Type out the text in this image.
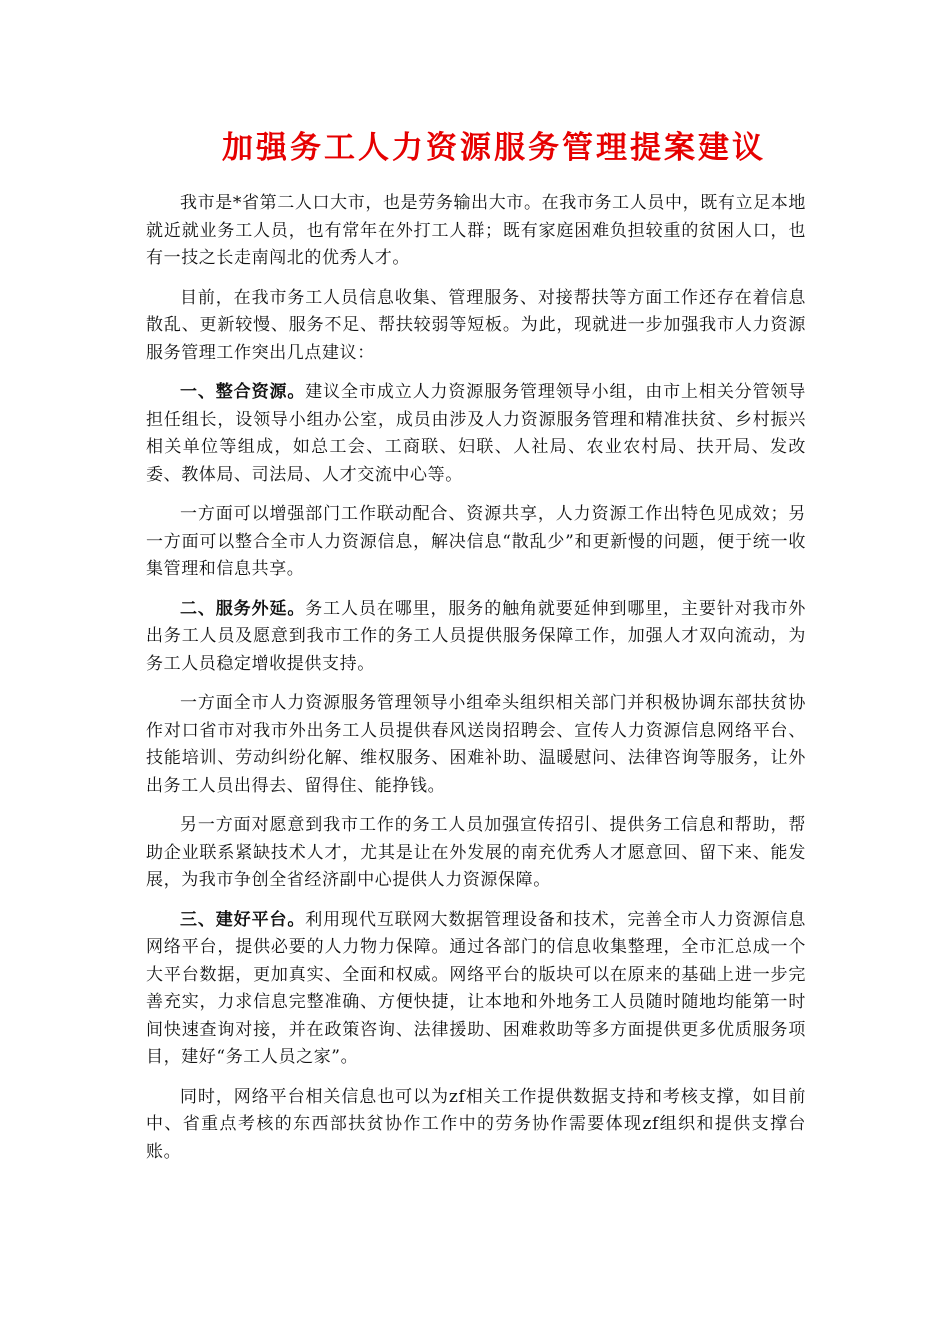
加强务工人力资源服务管理提案建议

我市是*省第二人口大市，也是劳务输出大市。在我市务工人员中，既有立足本地就近就业务工人员，也有常年在外打工人群；既有家庭困难负担较重的贫困人口，也有一技之长走南闯北的优秀人才。

目前，在我市务工人员信息收集、管理服务、对接帮扶等方面工作还存在着信息散乱、更新较慢、服务不足、帮扶较弱等短板。为此，现就进一步加强我市人力资源服务管理工作突出几点建议：

一、整合资源。建议全市成立人力资源服务管理领导小组，由市上相关分管领导担任组长，设领导小组办公室，成员由涉及人力资源服务管理和精准扶贫、乡村振兴相关单位等组成，如总工会、工商联、妇联、人社局、农业农村局、扶开局、发改委、教体局、司法局、人才交流中心等。

一方面可以增强部门工作联动配合、资源共享，人力资源工作出特色见成效；另一方面可以整合全市人力资源信息，解决信息“散乱少”和更新慢的问题，便于统一收集管理和信息共享。

二、服务外延。务工人员在哪里，服务的触角就要延伸到哪里，主要针对我市外出务工人员及愿意到我市工作的务工人员提供服务保障工作，加强人才双向流动，为务工人员稳定增收提供支持。

一方面全市人力资源服务管理领导小组牵头组织相关部门并积极协调东部扶贫协作对口省市对我市外出务工人员提供春风送岗招聘会、宣传人力资源信息网络平台、技能培训、劳动纠纷化解、维权服务、困难补助、温暖慰问、法律咨询等服务，让外出务工人员出得去、留得住、能挣钱。

另一方面对愿意到我市工作的务工人员加强宣传招引、提供务工信息和帮助，帮助企业联系紧缺技术人才，尤其是让在外发展的南充优秀人才愿意回、留下来、能发展，为我市争创全省经济副中心提供人力资源保障。

三、建好平台。利用现代互联网大数据管理设备和技术，完善全市人力资源信息网络平台，提供必要的人力物力保障。通过各部门的信息收集整理，全市汇总成一个大平台数据，更加真实、全面和权威。网络平台的版块可以在原来的基础上进一步完善充实，力求信息完整准确、方便快捷，让本地和外地务工人员随时随地均能第一时间快速查询对接，并在政策咨询、法律援助、困难救助等多方面提供更多优质服务项目，建好“务工人员之家”。

同时，网络平台相关信息也可以为zf相关工作提供数据支持和考核支撑，如目前中、省重点考核的东西部扶贫协作工作中的劳务协作需要体现zf组织和提供支撑台账。
